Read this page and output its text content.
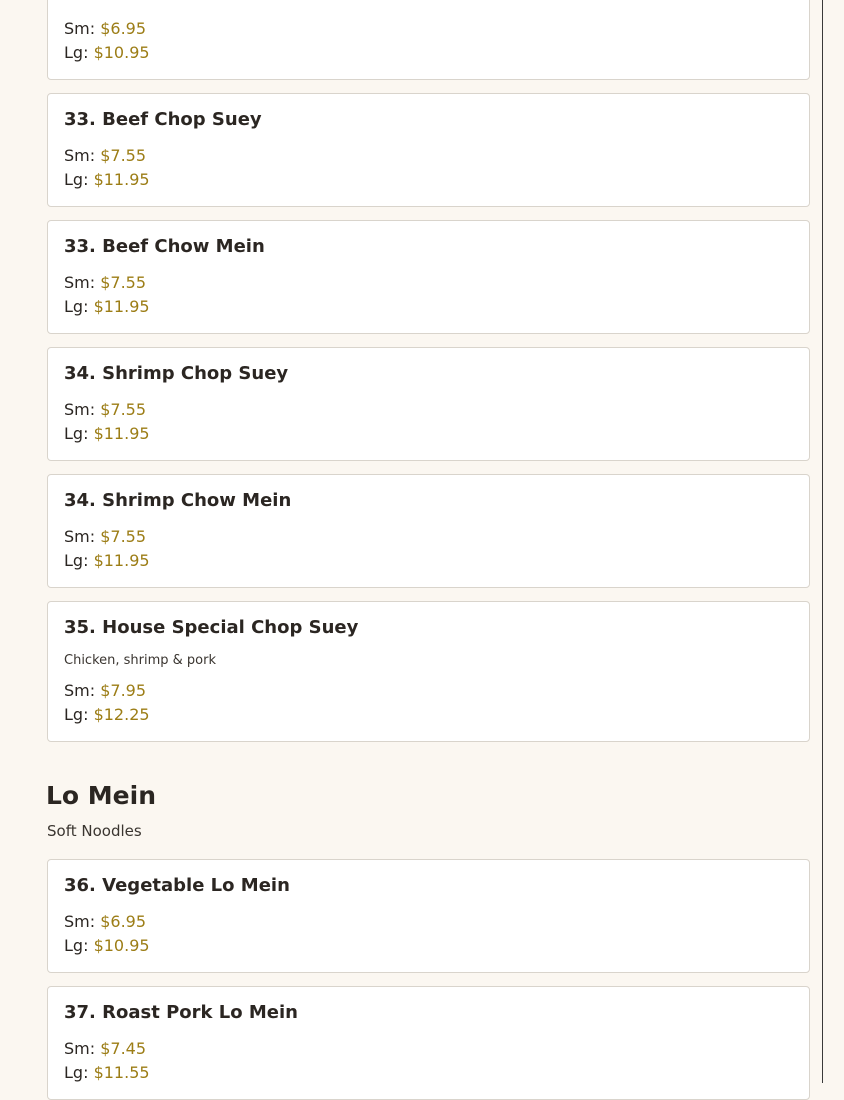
Sm: $6.95
Lg: $10.95
33. Beef Chop Suey
Sm: $7.55
Lg: $11.95
33. Beef Chow Mein
Sm: $7.55
Lg: $11.95
34. Shrimp Chop Suey
Sm: $7.55
Lg: $11.95
34. Shrimp Chow Mein
Sm: $7.55
Lg: $11.95
35. House Special Chop Suey
Chicken, shrimp & pork
Sm: $7.95
Lg: $12.25
Lo Mein
Soft Noodles
36. Vegetable Lo Mein
Sm: $6.95
Lg: $10.95
37. Roast Pork Lo Mein
Sm: $7.45
Lg: $11.55
